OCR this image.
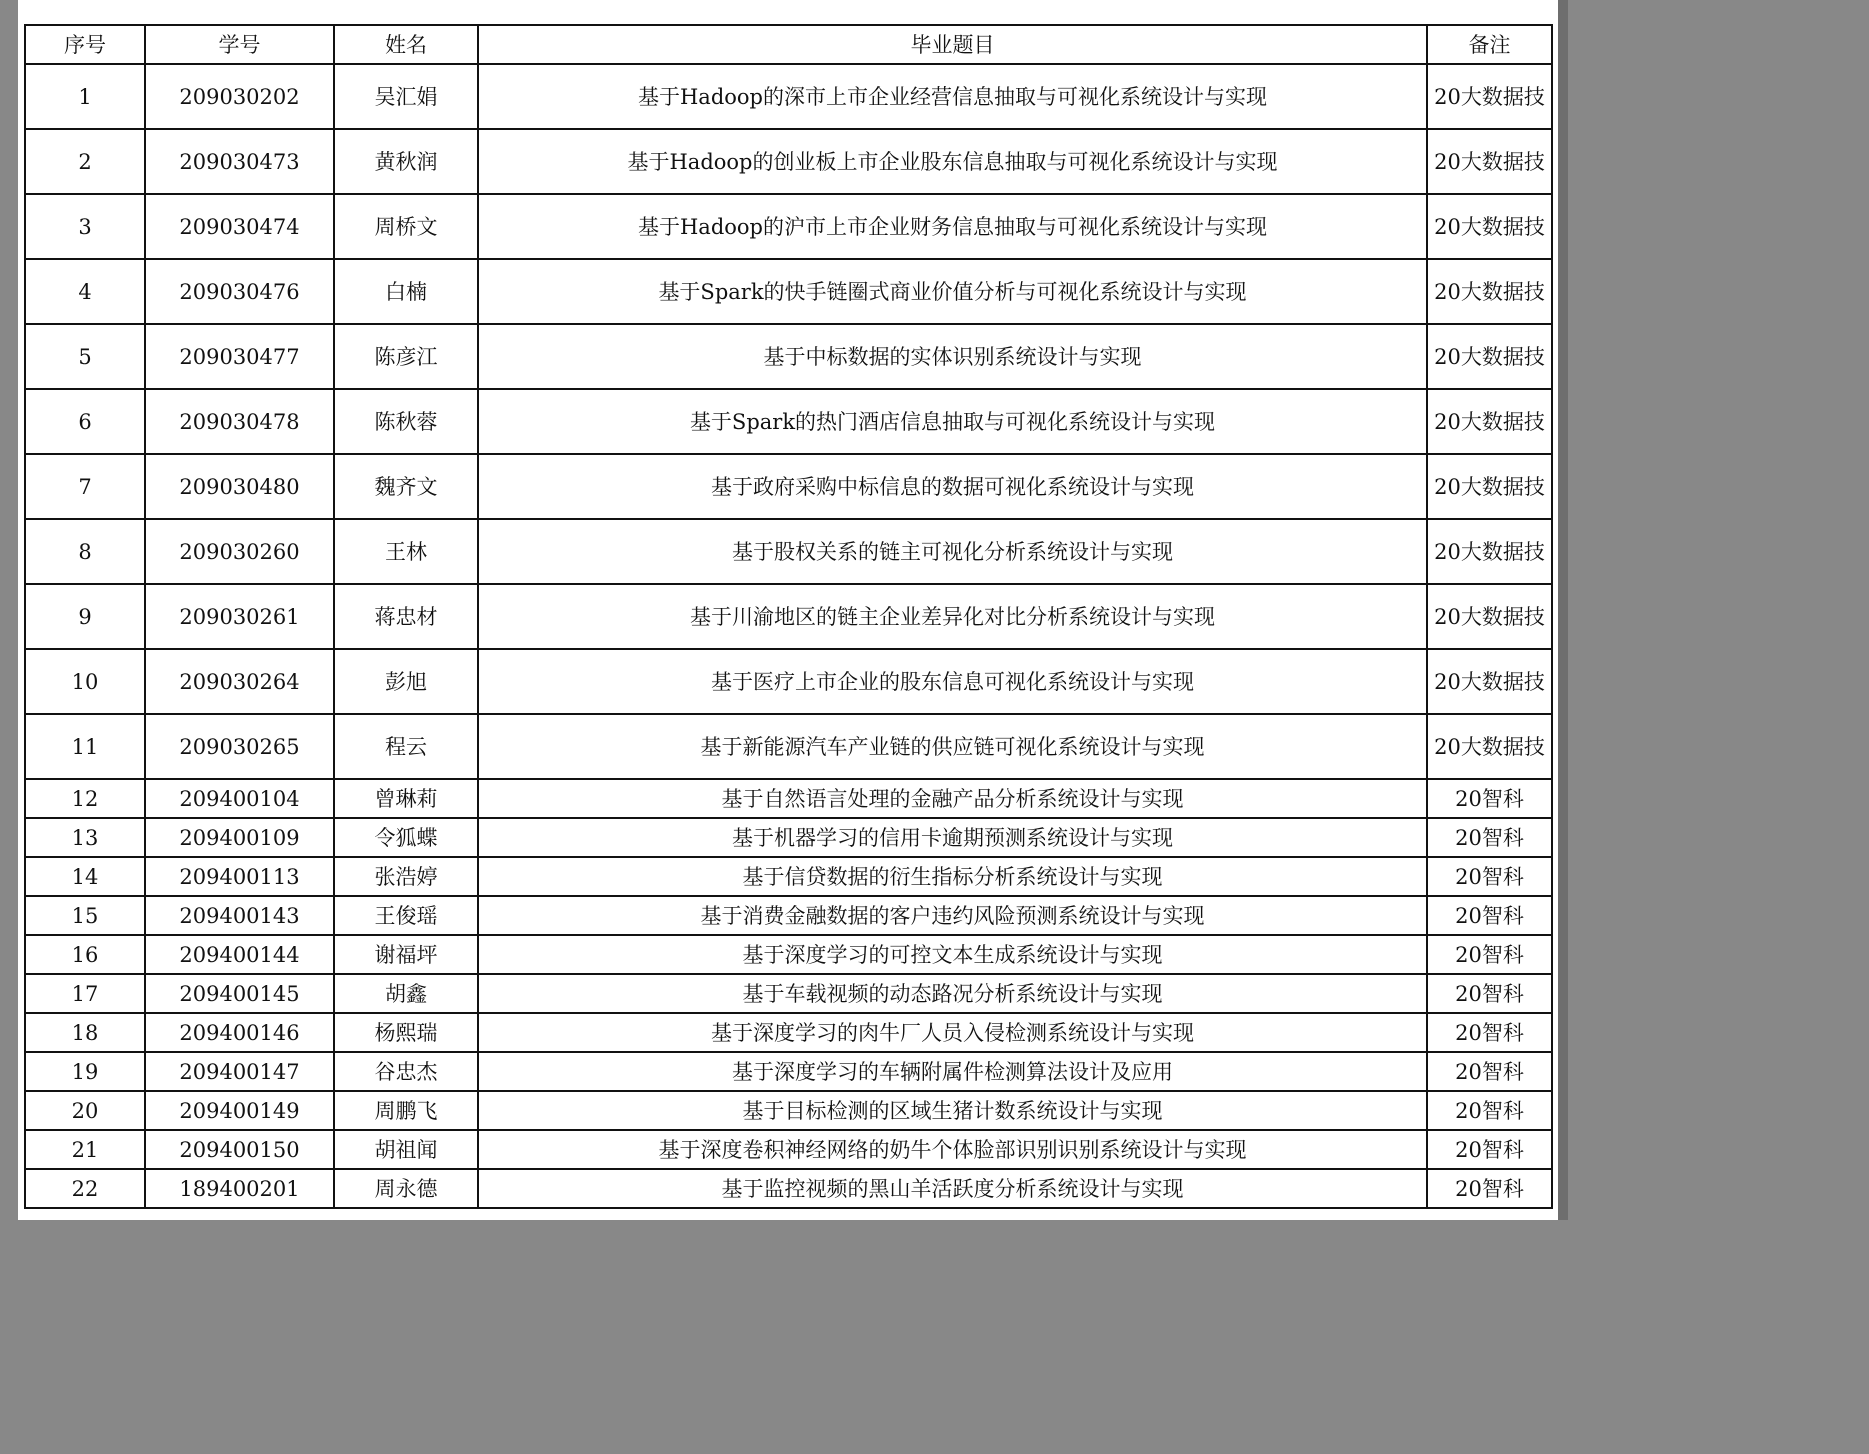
序号	学号	姓名	毕业题目	备注
1	209030202	吴汇娟	基于Hadoop的深市上市企业经营信息抽取与可视化系统设计与实现	20大数据技
2	209030473	黄秋润	基于Hadoop的创业板上市企业股东信息抽取与可视化系统设计与实现	20大数据技
3	209030474	周桥文	基于Hadoop的沪市上市企业财务信息抽取与可视化系统设计与实现	20大数据技
4	209030476	白楠	基于Spark的快手链圈式商业价值分析与可视化系统设计与实现	20大数据技
5	209030477	陈彦江	基于中标数据的实体识别系统设计与实现	20大数据技
6	209030478	陈秋蓉	基于Spark的热门酒店信息抽取与可视化系统设计与实现	20大数据技
7	209030480	魏齐文	基于政府采购中标信息的数据可视化系统设计与实现	20大数据技
8	209030260	王林	基于股权关系的链主可视化分析系统设计与实现	20大数据技
9	209030261	蒋忠材	基于川渝地区的链主企业差异化对比分析系统设计与实现	20大数据技
10	209030264	彭旭	基于医疗上市企业的股东信息可视化系统设计与实现	20大数据技
11	209030265	程云	基于新能源汽车产业链的供应链可视化系统设计与实现	20大数据技
12	209400104	曾琳莉	基于自然语言处理的金融产品分析系统设计与实现	20智科
13	209400109	令狐蝶	基于机器学习的信用卡逾期预测系统设计与实现	20智科
14	209400113	张浩婷	基于信贷数据的衍生指标分析系统设计与实现	20智科
15	209400143	王俊瑶	基于消费金融数据的客户违约风险预测系统设计与实现	20智科
16	209400144	谢福坪	基于深度学习的可控文本生成系统设计与实现	20智科
17	209400145	胡鑫	基于车载视频的动态路况分析系统设计与实现	20智科
18	209400146	杨熙瑞	基于深度学习的肉牛厂人员入侵检测系统设计与实现	20智科
19	209400147	谷忠杰	基于深度学习的车辆附属件检测算法设计及应用	20智科
20	209400149	周鹏飞	基于目标检测的区域生猪计数系统设计与实现	20智科
21	209400150	胡祖闻	基于深度卷积神经网络的奶牛个体脸部识别识别系统设计与实现	20智科
22	189400201	周永德	基于监控视频的黑山羊活跃度分析系统设计与实现	20智科
